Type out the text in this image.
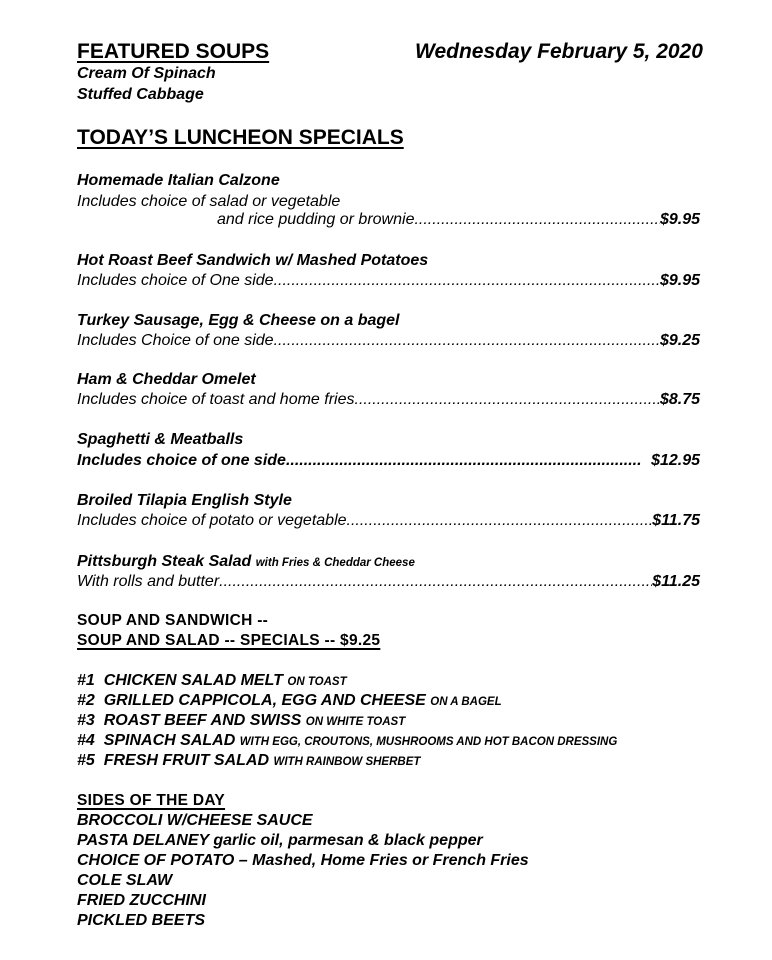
FEATURED SOUPS	Wednesday February 5, 2020
Cream Of Spinach
Stuffed Cabbage
TODAY’S LUNCHEON SPECIALS
Homemade Italian Calzone
Includes choice of salad or vegetable
and rice pudding or brownie .....	$9.95
Hot Roast Beef Sandwich w/ Mashed Potatoes
Includes choice of One side .....	$9.95
Turkey Sausage, Egg & Cheese on a bagel
Includes Choice of one side .....	$9.25
Ham & Cheddar Omelet
Includes choice of toast and home fries .....	$8.75
Spaghetti & Meatballs
Includes choice of one side .....	$12.95
Broiled Tilapia English Style
Includes choice of potato or vegetable .....	$11.75
Pittsburgh Steak Salad with Fries & Cheddar Cheese
With rolls and butter .....	$11.25
SOUP AND SANDWICH --
SOUP AND SALAD -- SPECIALS -- $9.25
#1 CHICKEN SALAD MELT ON TOAST
#2 GRILLED CAPPICOLA, EGG AND CHEESE ON A BAGEL
#3 ROAST BEEF AND SWISS ON WHITE TOAST
#4 SPINACH SALAD WITH EGG, CROUTONS, MUSHROOMS AND HOT BACON DRESSING
#5 FRESH FRUIT SALAD WITH RAINBOW SHERBET
SIDES OF THE DAY
BROCCOLI W/CHEESE SAUCE
PASTA DELANEY garlic oil, parmesan & black pepper
CHOICE OF POTATO – Mashed, Home Fries or French Fries
COLE SLAW
FRIED ZUCCHINI
PICKLED BEETS
